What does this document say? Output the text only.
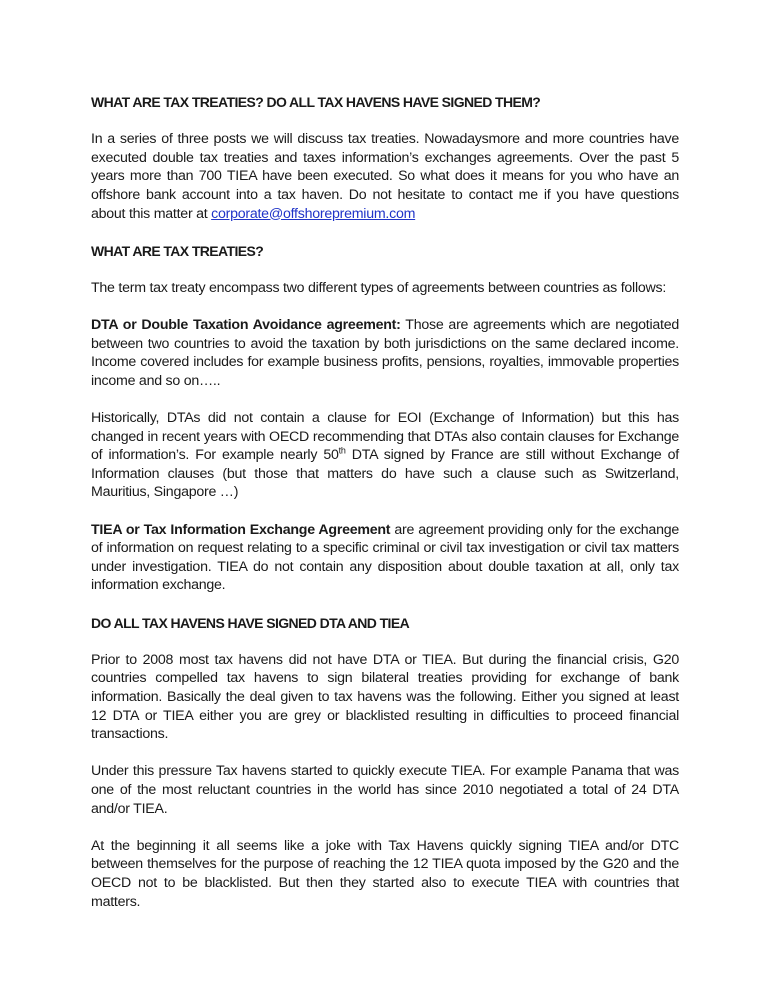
WHAT ARE TAX TREATIES? DO ALL TAX HAVENS HAVE SIGNED THEM?

In a series of three posts we will discuss tax treaties. Nowadaysmore and more countries have executed double tax treaties and taxes information’s exchanges agreements. Over the past 5 years more than 700 TIEA have been executed. So what does it means for you who have an offshore bank account into a tax haven. Do not hesitate to contact me if you have questions about this matter at corporate@offshorepremium.com

WHAT ARE TAX TREATIES?

The term tax treaty encompass two different types of agreements between countries as follows:

DTA or Double Taxation Avoidance agreement: Those are agreements which are negotiated between two countries to avoid the taxation by both jurisdictions on the same declared income. Income covered includes for example business profits, pensions, royalties, immovable properties income and so on…..

Historically, DTAs did not contain a clause for EOI (Exchange of Information) but this has changed in recent years with OECD recommending that DTAs also contain clauses for Exchange of information’s. For example nearly 50th DTA signed by France are still without Exchange of Information clauses (but those that matters do have such a clause such as Switzerland, Mauritius, Singapore …)

TIEA or Tax Information Exchange Agreement are agreement providing only for the exchange of information on request relating to a specific criminal or civil tax investigation or civil tax matters under investigation. TIEA do not contain any disposition about double taxation at all, only tax information exchange.

DO ALL TAX HAVENS HAVE SIGNED DTA AND TIEA

Prior to 2008 most tax havens did not have DTA or TIEA. But during the financial crisis, G20 countries compelled tax havens to sign bilateral treaties providing for exchange of bank information. Basically the deal given to tax havens was the following. Either you signed at least 12 DTA or TIEA either you are grey or blacklisted resulting in difficulties to proceed financial transactions.

Under this pressure Tax havens started to quickly execute TIEA. For example Panama that was one of the most reluctant countries in the world has since 2010 negotiated a total of 24 DTA and/or TIEA.

At the beginning it all seems like a joke with Tax Havens quickly signing TIEA and/or DTC between themselves for the purpose of reaching the 12 TIEA quota imposed by the G20 and the OECD not to be blacklisted. But then they started also to execute TIEA with countries that matters.
